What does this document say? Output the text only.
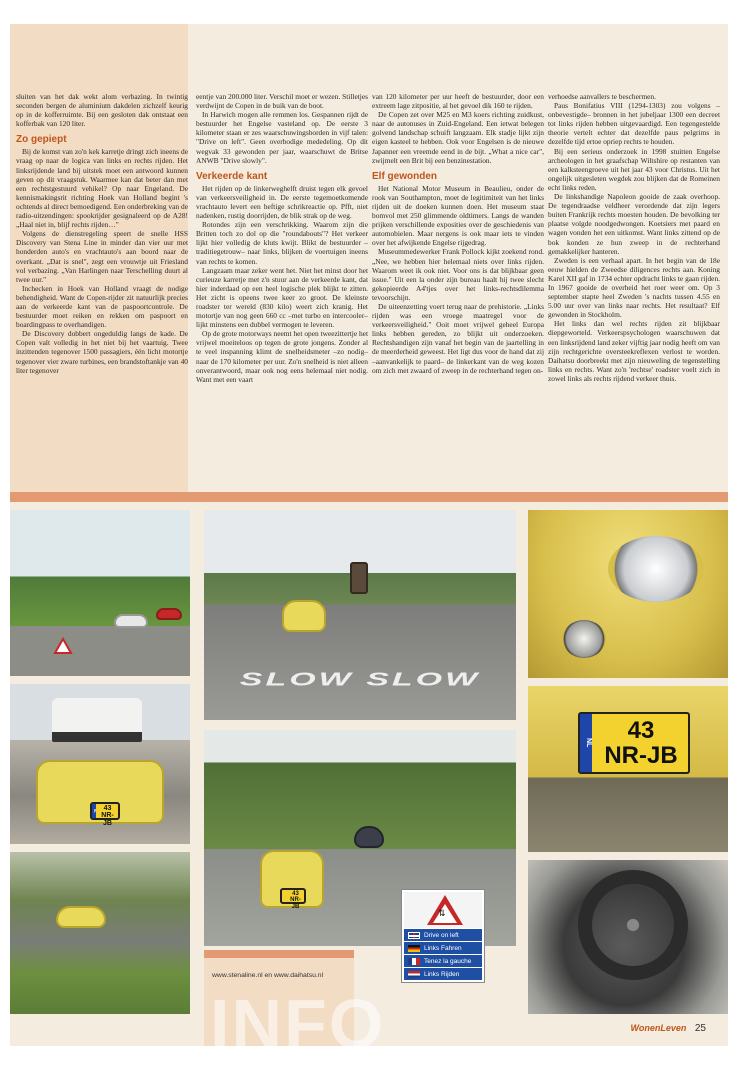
sluiten van het dak wekt alom verbazing. In twintig seconden bergen de aluminium dakdelen zichzelf keurig op in de kofferruimte. Bij een gesloten dak ontstaat een kofferbak van 120 liter.

Zo gepiept

Bij de komst van zo'n kek karretje dringt zich ineens de vraag op naar de logica van links en rechts rijden. Het linksrijdende land bij uitstek moet een antwoord kunnen geven op dit vraagstuk. Waarmee kan dat beter dan met een rechtstgestuurd vehikel? Op naar Engeland. De kennismakingsrit richting Hoek van Holland begint 's ochtends al direct bemoedigend. Een onderbreking van de radio-uitzendingen: spookrijder gesignaleerd op de A28! „Haal niet in, blijf rechts rijden…"

Volgens de dienstregeling speert de snelle HSS Discovery van Stena Line in minder dan vier uur met honderden auto's en vrachtauto's aan boord naar de overkant. „Dat is snel", zegt een vrouwtje uit Friesland vol verbazing. „Van Harlingen naar Terschelling duurt al twee uur."

Inchecken in Hoek van Holland vraagt de nodige behendigheid. Want de Copen-rijder zit natuurlijk precies aan de verkeerde kant van de paspoortcontrole. De bestuurder moet reiken en rekken om paspoort en boardingpass te overhandigen.

De Discovery dobbert ongeduldig langs de kade. De Copen valt volledig in het niet bij het vaartuig. Twee inzittenden tegenover 1500 passagiers, één licht motortje tegenover vier zware turbines, een brandstoftankje van 40 liter tegenover

eentje van 200.000 liter. Verschil moet er wezen. Stilletjes verdwijnt de Copen in de buik van de boot.

In Harwich mogen alle remmen los. Gespannen rijdt de bestuurder het Engelse vasteland op. De eerste 3 kilometer staan er zes waarschuwingsborden in vijf talen: "Drive on left". Geen overbodige mededeling. Op dit wegvak 33 gewonden per jaar, waarschuwt de Britse ANWB "Drive slowly".

Verkeerde kant

Het rijden op de linkerweghelft druist tegen elk gevoel van verkeersveiligheid in. De eerste tegemoetkomende vrachtauto levert een heftige schrikreactie op. Pfft, niet nadenken, rustig doorrijden, de blik strak op de weg.

Rotondes zijn een verschrikking. Waarom zijn die Britten toch zo dol op die "roundabouts"? Het verkeer lijkt hier volledig de kluts kwijt. Blikt de bestuurder –traditiegetrouw– naar links, blijken de voertuigen ineens van rechts te komen.

Langzaam maar zeker went het. Niet het minst door het curieuze karretje met z'n stuur aan de verkeerde kant, dat hier inderdaad op een heel logische plek blijkt te zitten. Het zicht is opeens twee keer zo groot. De kleinste roadster ter wereld (830 kilo) weert zich kranig. Het motortje van nog geen 660 cc –met turbo en intercooler– lijkt minstens een dubbel vermogen te leveren.

Op de grote motorways neemt het open tweezittertje het vrijwel moeiteloos op tegen de grote jongens. Zonder al te veel inspanning klimt de snelheidsmeter –zo nodig– naar de 170 kilometer per uur. Zo'n snelheid is niet alleen onverantwoord, maar ook nog eens helemaal niet nodig. Want met een vaart

van 120 kilometer per uur heeft de bestuurder, door een extreem lage zitpositie, al het gevoel dik 160 te rijden.

De Copen zet over M25 en M3 koers richting zuidkust, naar de autonuses in Zuid-Engeland. Een ietwat belegen golvend landschap schuift langzaam. Elk stadje lijkt zijn eigen kasteel te hebben. Ook voor Engelsen is de nieuwe Japanner een vreemde eend in de bijt. „What a nice car", zwijmelt een Brit bij een benzinestation.

Elf gewonden

Het National Motor Museum in Beaulieu, onder de rook van Southampton, moet de legitimiteit van het links rijden uit de doeken kunnen doen. Het museum staat bomvol met 250 glimmende oldtimers. Langs de wanden prijken verschillende exposities over de geschiedenis van automobielen. Maar nergens is ook maar iets te vinden over het afwijkende Engelse rijgedrag.

Museummedewerker Frank Pollock kijkt zoekend rond. „Nee, we hebben hier helemaal niets over links rijden. Waarom weet ik ook niet. Voor ons is dat blijkbaar geen issue." Uit een la onder zijn bureau haalt hij twee slecht gekopieerde A4'tjes over het links-rechtsdilemma tevoorschijn.

De uiteenzetting voert terug naar de prehistorie. „Links rijden was een vroege maatregel voor de verkeersveiligheid." Ooit moet vrijwel geheel Europa links hebben gereden, zo blijkt uit onderzoeken. Rechtshandigen zijn vanaf het begin van de jaartelling in de meerderheid geweest. Het ligt dus voor de hand dat zij –aanvankelijk te paard– de linkerkant van de weg kozen om zich met zwaard of zweep in de rechterhand tegen on-

verhoedse aanvallers te beschermen.

Paus Bonifatius VIII (1294-1303) zou volgens –onbevestigde– bronnen in het jubeljaar 1300 een decreet tot links rijden hebben uitgevaardigd. Een tegengestelde theorie vertelt echter dat dezelfde paus pelgrims in dezelfde tijd ertoe opriep rechts te houden.

Bij een serieus onderzoek in 1998 stuitten Engelse archeologen in het graafschap Wiltshire op restanten van een kalksteengroeve uit het jaar 43 voor Christus. Uit het ongelijk uitgesleten wegdek zou blijken dat de Romeinen echt links reden.

De linkshandige Napoleon gooide de zaak overhoop. De tegendraadse veldheer verordende dat zijn legers buiten Frankrijk rechts moesten houden. De bevolking ter plaatse volgde noodgedwongen. Koetsiers met paard en wagen vonden het een uitkomst. Want links zittend op de bok konden ze hun zweep in de rechterhand gemakkelijker hanteren.

Zweden is een verhaal apart. In het begin van de 18e eeuw hielden de Zweedse diligences rechts aan. Koning Karel XII gaf in 1734 echter opdracht links te gaan rijden. In 1967 gooide de overheid het roer weer om. Op 3 september stapte heel Zweden 's nachts tussen 4.55 en 5.00 uur over van links naar rechts. Het resultaat? Elf gewonden in Stockholm.

Het links dan wel rechts rijden zit blijkbaar diepgeworteld. Verkeerspsychologen waarschuwen dat een linksrijdend land zeker vijftig jaar nodig heeft om van zijn rechtgerichte oversteekreflexen verlost te worden. Daihatsu doorbreekt met zijn nieuweling de tegenstelling links en rechts. Want zo'n 'rechtse' roadster voelt zich in zowel links als rechts rijdend verkeer thuis.

SLOW SLOW
NL 43
NR-JB
NL	43
NR-JB
43
NR-JB
⇅
Drive on left
Links Fahren
Tenez la gauche
Links Rijden
www.stenaline.nl en www.daihatsu.nl
INFO	WonenLeven 25
